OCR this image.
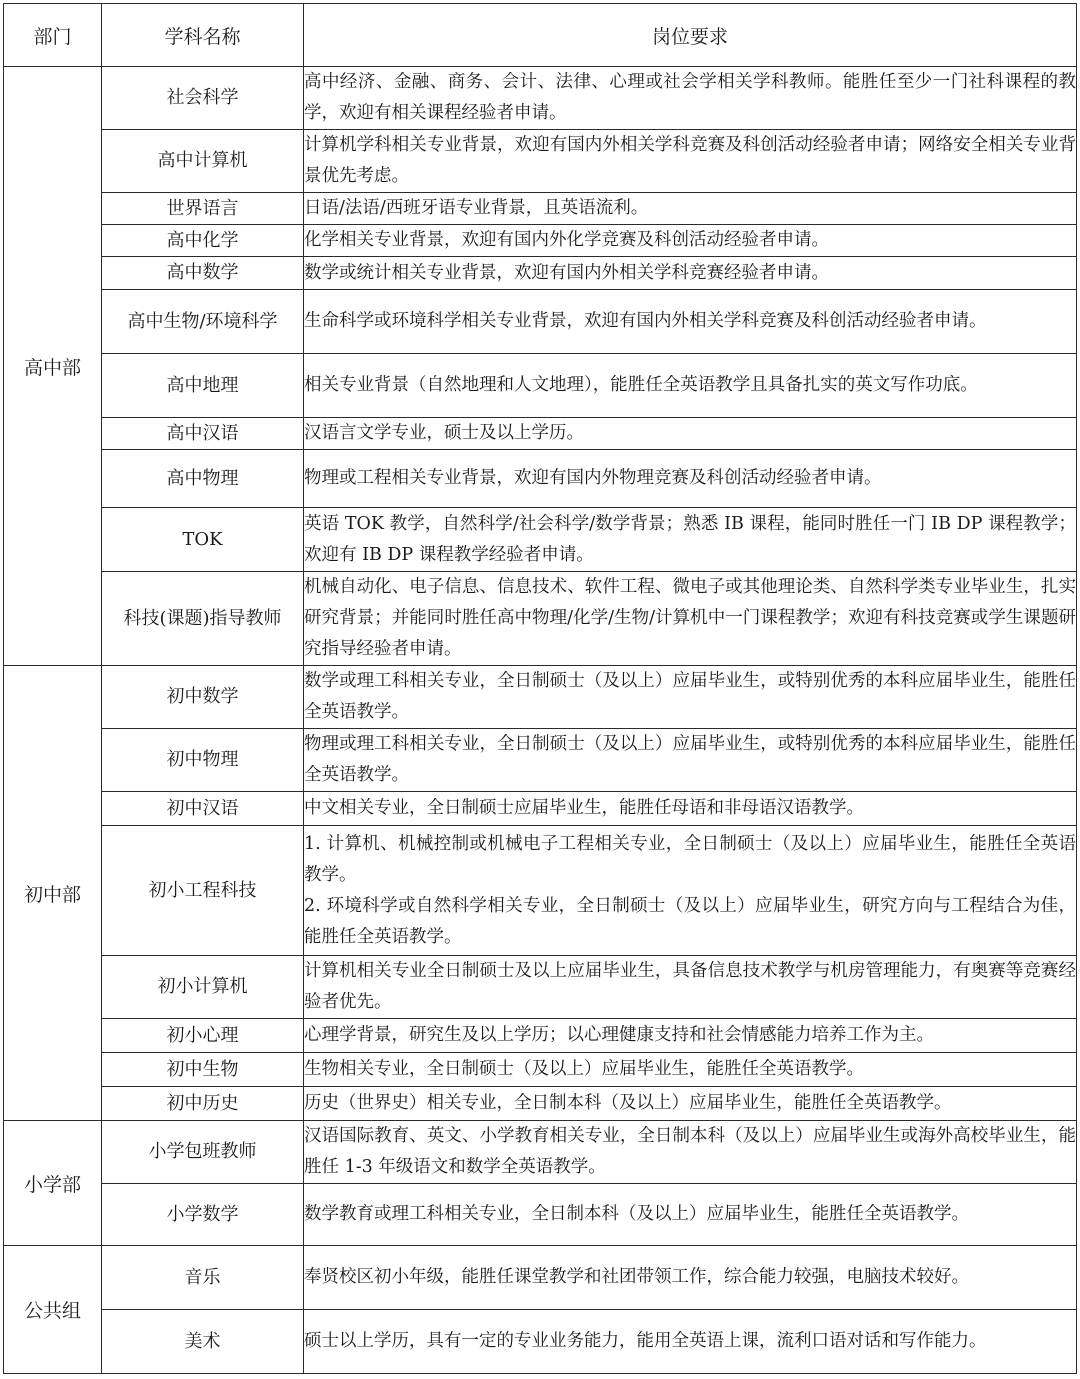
部门	学科名称	岗位要求
高中部	社会科学	高中经济、金融、商务、会计、法律、心理或社会学相关学科教师。能胜任至少一门社科课程的教学，欢迎有相关课程经验者申请。

	高中计算机	计算机学科相关专业背景，欢迎有国内外相关学科竞赛及科创活动经验者申请；网络安全相关专业背景优先考虑。

	世界语言	日语/法语/西班牙语专业背景，且英语流利。

	高中化学	化学相关专业背景，欢迎有国内外化学竞赛及科创活动经验者申请。

	高中数学	数学或统计相关专业背景，欢迎有国内外相关学科竞赛经验者申请。

	高中生物/环境科学	生命科学或环境科学相关专业背景，欢迎有国内外相关学科竞赛及科创活动经验者申请。

	高中地理	相关专业背景（自然地理和人文地理），能胜任全英语教学且具备扎实的英文写作功底。

	高中汉语	汉语言文学专业，硕士及以上学历。

	高中物理	物理或工程相关专业背景，欢迎有国内外物理竞赛及科创活动经验者申请。

	TOK	英语 TOK 教学，自然科学/社会科学/数学背景；熟悉 IB 课程，能同时胜任一门 IB DP 课程教学；欢迎有 IB DP 课程教学经验者申请。

	科技(课题)指导教师	机械自动化、电子信息、信息技术、软件工程、微电子或其他理论类、自然科学类专业毕业生，扎实研究背景；并能同时胜任高中物理/化学/生物/计算机中一门课程教学；欢迎有科技竞赛或学生课题研究指导经验者申请。

初中部	初中数学	数学或理工科相关专业，全日制硕士（及以上）应届毕业生，或特别优秀的本科应届毕业生，能胜任全英语教学。

	初中物理	物理或理工科相关专业，全日制硕士（及以上）应届毕业生，或特别优秀的本科应届毕业生，能胜任全英语教学。

	初中汉语	中文相关专业，全日制硕士应届毕业生，能胜任母语和非母语汉语教学。

	初小工程科技	1. 计算机、机械控制或机械电子工程相关专业，全日制硕士（及以上）应届毕业生，能胜任全英语教学。
2. 环境科学或自然科学相关专业，全日制硕士（及以上）应届毕业生，研究方向与工程结合为佳，能胜任全英语教学。

	初小计算机	计算机相关专业全日制硕士及以上应届毕业生，具备信息技术教学与机房管理能力，有奥赛等竞赛经验者优先。

	初小心理	心理学背景，研究生及以上学历；以心理健康支持和社会情感能力培养工作为主。

	初中生物	生物相关专业，全日制硕士（及以上）应届毕业生，能胜任全英语教学。

	初中历史	历史（世界史）相关专业，全日制本科（及以上）应届毕业生，能胜任全英语教学。

小学部	小学包班教师	汉语国际教育、英文、小学教育相关专业，全日制本科（及以上）应届毕业生或海外高校毕业生，能胜任 1-3 年级语文和数学全英语教学。

	小学数学	数学教育或理工科相关专业，全日制本科（及以上）应届毕业生，能胜任全英语教学。

公共组	音乐	奉贤校区初小年级，能胜任课堂教学和社团带领工作，综合能力较强，电脑技术较好。

	美术	硕士以上学历，具有一定的专业业务能力，能用全英语上课，流利口语对话和写作能力。
